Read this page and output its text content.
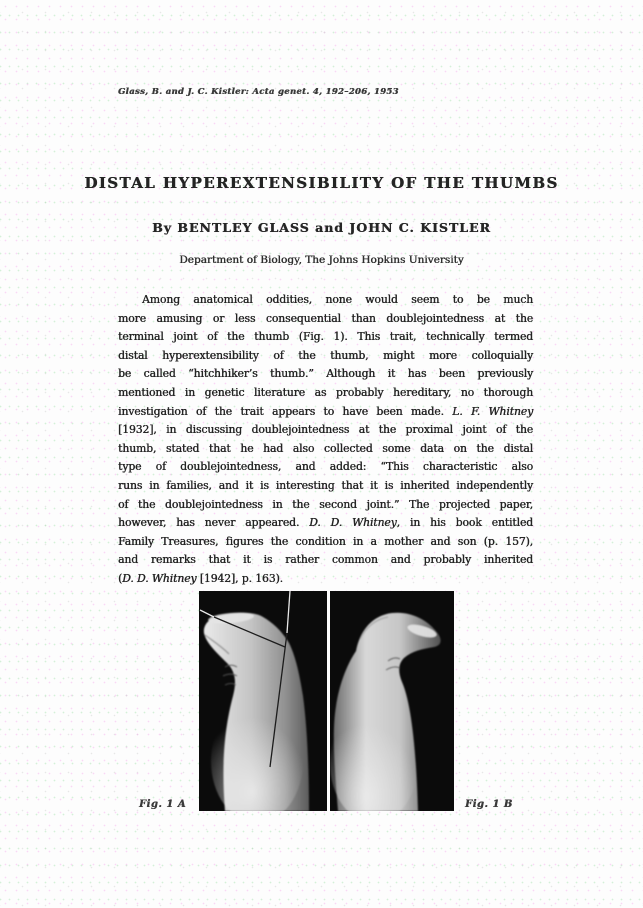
Glass, B. and J. C. Kistler: Acta genet. 4, 192–206, 1953
DISTAL HYPEREXTENSIBILITY OF THE THUMBS
By BENTLEY GLASS and JOHN C. KISTLER
Department of Biology, The Johns Hopkins University
Among anatomical oddities, none would seem to be much
more amusing or less consequential than doublejointedness at the
terminal joint of the thumb (Fig. 1). This trait, technically termed
distal hyperextensibility of the thumb, might more colloquially
be called “hitchhiker’s thumb.” Although it has been previously
mentioned in genetic literature as probably hereditary, no thorough
investigation of the trait appears to have been made. L. F. Whitney
[1932], in discussing doublejointedness at the proximal joint of the
thumb, stated that he had also collected some data on the distal
type of doublejointedness, and added: “This characteristic also
runs in families, and it is interesting that it is inherited independently
of the doublejointedness in the second joint.” The projected paper,
however, has never appeared. D. D. Whitney, in his book entitled
Family Treasures, figures the condition in a mother and son (p. 157),
and remarks that it is rather common and probably inherited
(D. D. Whitney [1942], p. 163).
Fig. 1 A	Fig. 1 B
